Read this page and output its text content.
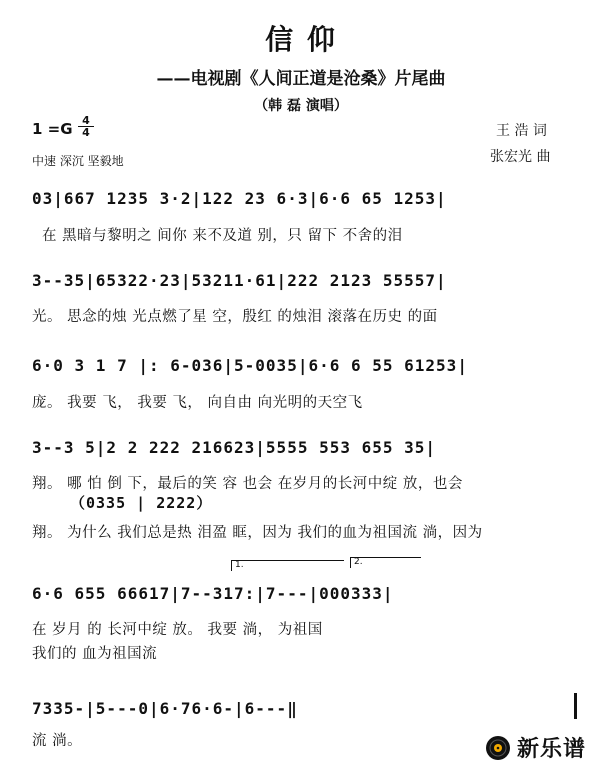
信 仰
——电视剧《人间正道是沧桑》片尾曲
（韩 磊 演唱）
1 =G 4
4
中速 深沉 坚毅地
王 浩 词
张宏光 曲
03|667 1235 3·2|122 23 6·3|6·6 65 1253|
在 黑暗与黎明之 间你 来不及道 别，只 留下 不舍的泪
3--35|65322·23|53211·61|222 2123 55557|
光。 思念的烛 光点燃了星 空，殷红 的烛泪 滚落在历史 的面
6·0 3 1 7 |: 6-036|5-0035|6·6 6 55 61253|
庞。 我要 飞， 我要 飞， 向自由 向光明的天空飞
3--3 5|2 2 222 216623|5555 553 655 35|
翔。 哪 怕 倒 下，最后的笑 容 也会 在岁月的长河中绽 放，也会
（0335 | 2222）
翔。 为什么 我们总是热 泪盈 眶，因为 我们的血为祖国流 淌，因为
1.	2.
6·6 655 66617|7--317:|7---|000333|
在 岁月 的 长河中绽 放。 我要 淌， 为祖国
我们的 血为祖国流
7335-|5---0|6·76·6-|6---‖
流 淌。	新乐谱
